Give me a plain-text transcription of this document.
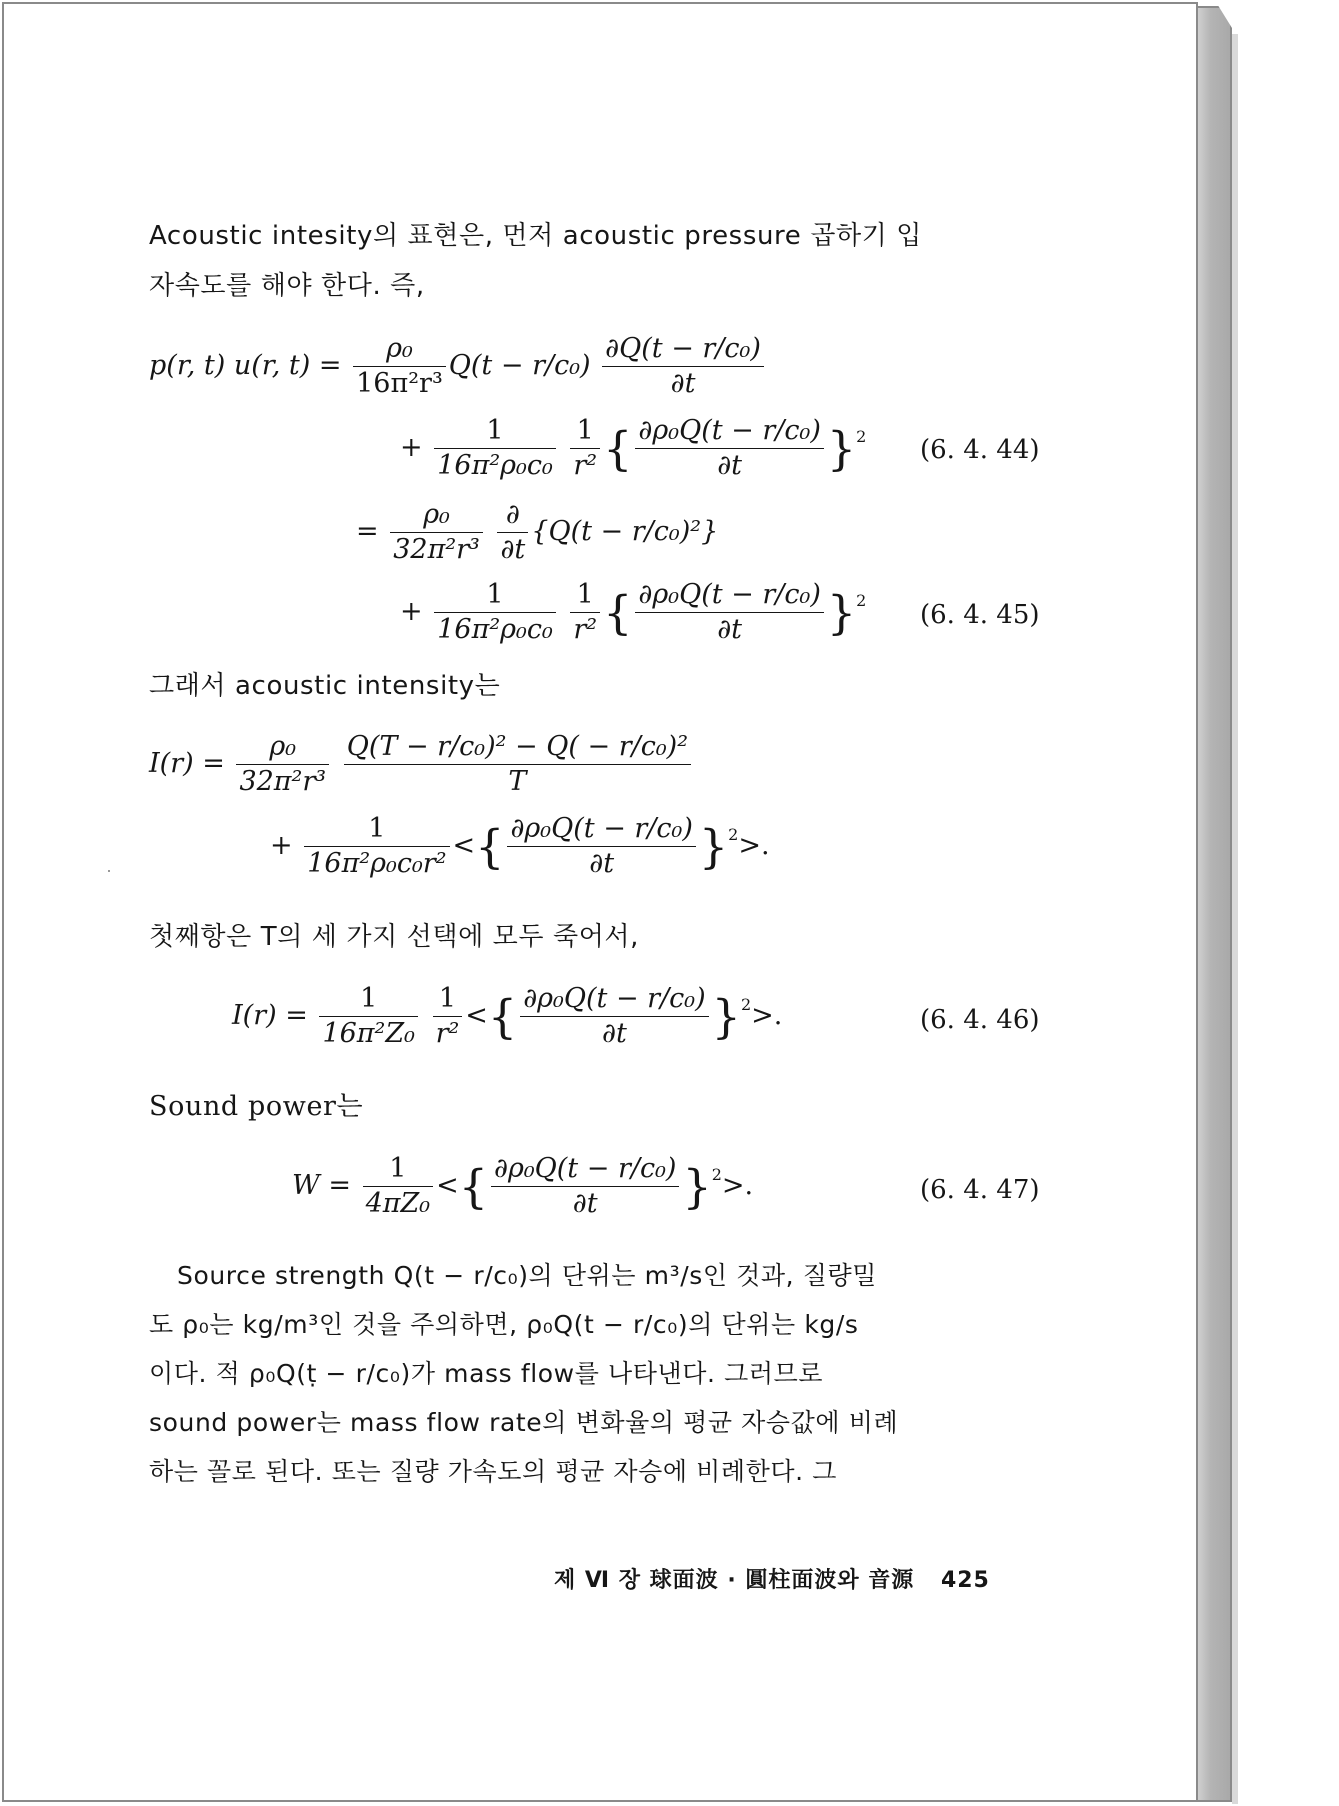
Acoustic intesity의 표현은, 먼저 acoustic pressure 곱하기 입
자속도를 해야 한다. 즉,
p(r, t) u(r, $t) = \frac{\text{ρ₀}}{\text{16π²r³}} Q(t - r/c_0) \frac{\text{∂Q(t − r/c₀)}}{\partial t}$
+ $\frac{1}{\text{16π²ρ₀c₀}}$
$\frac{1}{\text{r²}}$ { $\frac{\text{∂ρ₀Q(t − r/c₀)}}{\partial t} \}^2$ (6. 4. 44)
= $\frac{\text{ρ₀}}{\text{32π²r³}}$
$\frac{\partial}{\partial t} \{Q(t - r/c_0)^2\}$
+ $\frac{1}{\text{16π²ρ₀c₀}}$
$\frac{1}{\text{r²}}$ { $\frac{\text{∂ρ₀Q(t − r/c₀)}}{\partial t} \}^2$ (6. 4. 45)
그래서 acoustic intensity는
$I(r) = \frac{\text{ρ₀}}{\text{32π²r³}}$
$\frac{\text{Q(T − r/c₀)² − Q( − r/c₀)²}}{T}$
+ $\frac{1}{\text{16π²ρ₀c₀r²}}$ <{ $\frac{\text{∂ρ₀Q(t − r/c₀)}}{\partial t} \}^2>$.
첫째항은 T의 세 가지 선택에 모두 죽어서,
$I(r) = \frac{1}{\text{16π²Z₀}}$
$\frac{1}{\text{r²}}$ <{ $\frac{\text{∂ρ₀Q(t − r/c₀)}}{\partial t} \}^2>$.	(6. 4. 46)
Sound power는
$W = \frac{1}{\text{4πZ₀}}$ <{ $\frac{\text{∂ρ₀Q(t − r/c₀)}}{\partial t} \}^2>$.	(6. 4. 47)
Source strength Q(t − r/c₀)의 단위는 m³/s인 것과, 질량밀
도 ρ₀는 kg/m³인 것을 주의하면, ρ₀Q(t − r/c₀)의 단위는 kg/s
이다. 적 ρ₀Q(ṭ − r/c₀)가 mass flow를 나타낸다. 그러므로
sound power는 mass flow rate의 변화율의 평균 자승값에 비례
하는 꼴로 된다. 또는 질량 가속도의 평균 자승에 비례한다. 그
제 Ⅵ 장 球面波 · 圓柱面波와 音源 425
